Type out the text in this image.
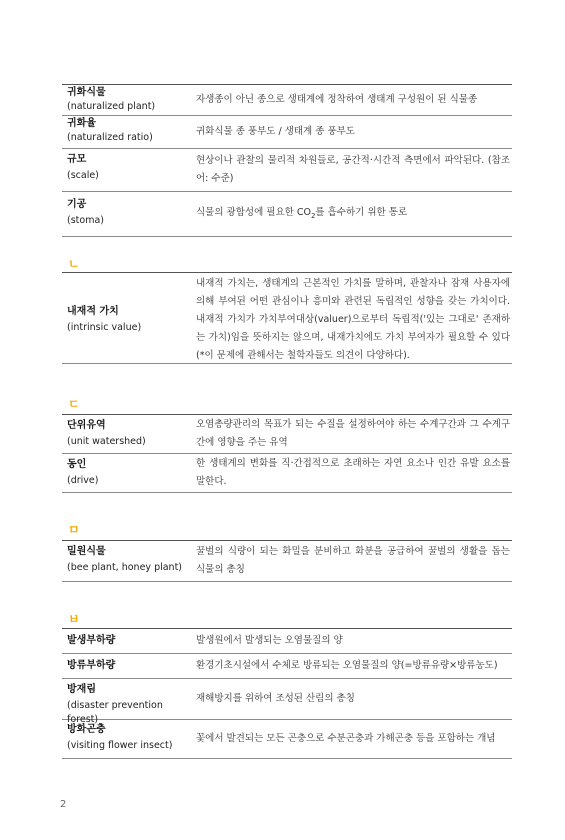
귀화식물
(naturalized plant)
자생종이 아닌 종으로 생태계에 정착하여 생태계 구성원이 된 식물종
귀화율
(naturalized ratio)
귀화식물 종 풍부도 / 생태계 종 풍부도
규모
(scale)
현상이나 관찰의 물리적 차원들로, 공간적·시간적 측면에서 파악된다. (참조어: 수준)
기공
(stoma)
식물의 광합성에 필요한 $CO_2$를 흡수하기 위한 통로
ㄴ
내재적 가치
(intrinsic value)
내재적 가치는, 생태계의 근본적인 가치를 말하며, 관찰자나 잠재 사용자에 의해 부여된 어떤 관심이나 흥미와 관련된 독립적인 성향을 갖는 가치이다. 내재적 가치가 가치부여대상(valuer)으로부터 독립적('있는 그대로' 존재하는 가치)임을 뜻하지는 않으며, 내재가치에도 가치 부여자가 필요할 수 있다(*이 문제에 관해서는 철학자들도 의견이 다양하다).
ㄷ
단위유역
(unit watershed)
오염총량관리의 목표가 되는 수질을 설정하여야 하는 수계구간과 그 수계구간에 영향을 주는 유역
동인
(drive)
한 생태계의 변화를 직·간접적으로 초래하는 자연 요소나 인간 유발 요소를 말한다.
ㅁ
밀원식물
(bee plant, honey plant)
꿀벌의 식량이 되는 화밀을 분비하고 화분을 공급하여 꿀벌의 생활을 돕는 식물의 총칭
ㅂ
발생부하량	발생원에서 발생되는 오염물질의 양
방류부하량	환경기초시설에서 수체로 방류되는 오염물질의 양(=방류유량×방류농도)
방재림
(disaster prevention forest)
재해방지를 위하여 조성된 산림의 총칭
방화곤충
(visiting flower insect)
꽃에서 발견되는 모든 곤충으로 수분곤충과 가해곤충 등을 포함하는 개념
2
